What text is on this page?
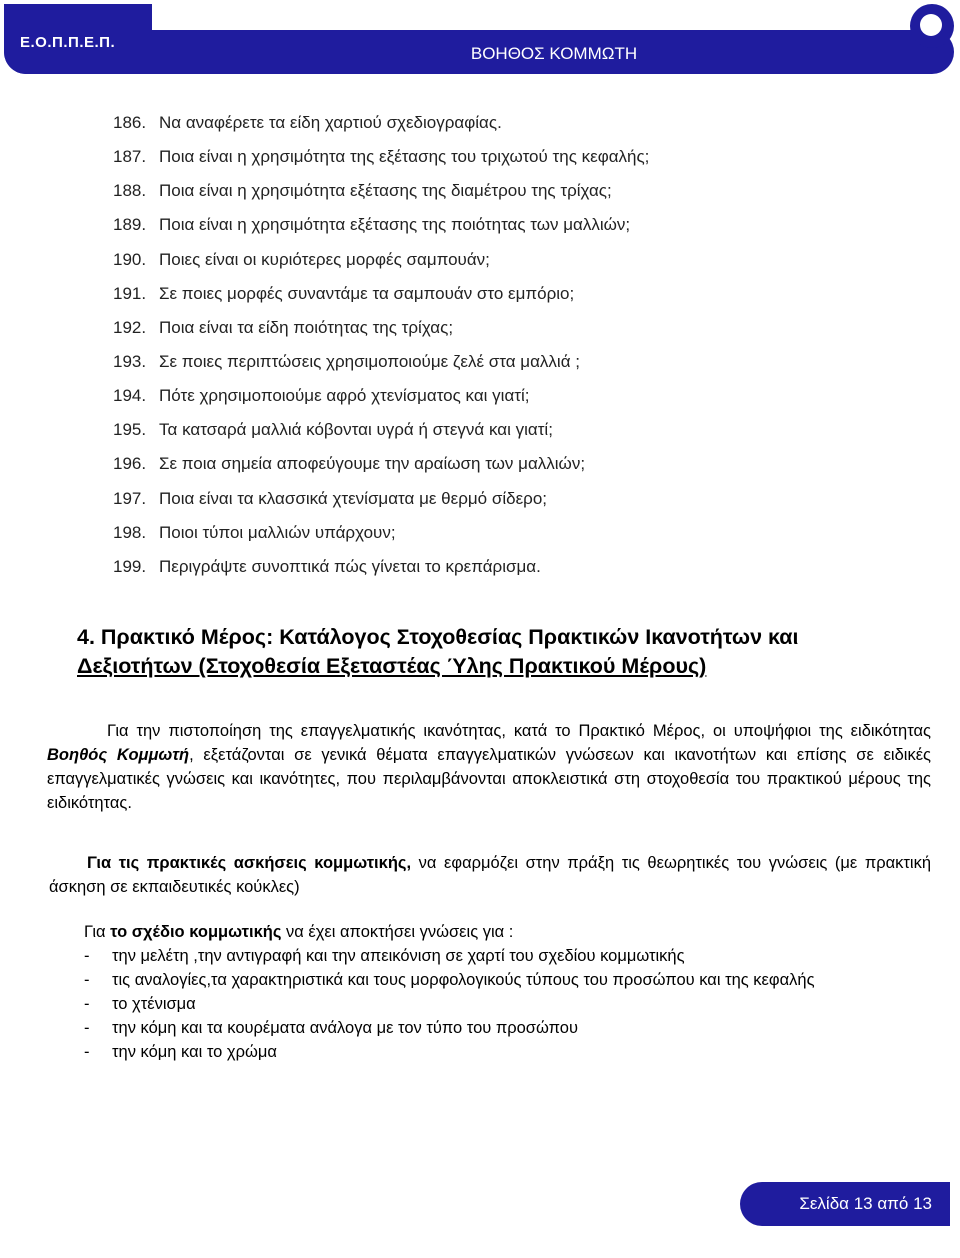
Ε.Ο.Π.Π.Ε.Π.
ΒΟΗΘΟΣ ΚΟΜΜΩΤΗ
186. Να αναφέρετε τα είδη χαρτιού σχεδιογραφίας.
187. Ποια είναι η χρησιμότητα της εξέτασης του τριχωτού της κεφαλής;
188. Ποια είναι η χρησιμότητα εξέτασης της διαμέτρου της τρίχας;
189. Ποια είναι η χρησιμότητα εξέτασης της ποιότητας των μαλλιών;
190. Ποιες είναι οι κυριότερες μορφές σαμπουάν;
191. Σε ποιες μορφές συναντάμε τα σαμπουάν στο εμπόριο;
192. Ποια είναι τα είδη ποιότητας της τρίχας;
193. Σε ποιες περιπτώσεις χρησιμοποιούμε ζελέ στα μαλλιά ;
194. Πότε χρησιμοποιούμε αφρό χτενίσματος και γιατί;
195. Τα κατσαρά μαλλιά κόβονται υγρά ή στεγνά και γιατί;
196. Σε ποια σημεία αποφεύγουμε την αραίωση των μαλλιών;
197. Ποια είναι τα κλασσικά χτενίσματα με θερμό σίδερο;
198. Ποιοι τύποι μαλλιών υπάρχουν;
199. Περιγράψτε συνοπτικά πώς γίνεται το κρεπάρισμα.
4. Πρακτικό Μέρος: Κατάλογος Στοχοθεσίας Πρακτικών Ικανοτήτων και
Δεξιοτήτων (Στοχοθεσία Εξεταστέας Ύλης Πρακτικού Μέρους)
Για την πιστοποίηση της επαγγελματικής ικανότητας, κατά το Πρακτικό Μέρος, οι υποψήφιοι της ειδικότητας Βοηθός Κομμωτή, εξετάζονται σε γενικά θέματα επαγγελματικών γνώσεων και ικανοτήτων και επίσης σε ειδικές επαγγελματικές γνώσεις και ικανότητες, που περιλαμβάνονται αποκλειστικά στη στοχοθεσία του πρακτικού μέρους της ειδικότητας.
Για τις πρακτικές ασκήσεις κομμωτικής, να εφαρμόζει στην πράξη τις θεωρητικές του γνώσεις (με πρακτική άσκηση σε εκπαιδευτικές κούκλες)
Για το σχέδιο κομμωτικής να έχει αποκτήσει γνώσεις για :
- την μελέτη ,την αντιγραφή και την απεικόνιση σε χαρτί του σχεδίου κομμωτικής
- τις αναλογίες,τα χαρακτηριστικά και τους μορφολογικούς τύπους του προσώπου και της κεφαλής
- το χτένισμα
- την κόμη και τα κουρέματα ανάλογα με τον τύπο του προσώπου
- την κόμη και το χρώμα
Σελίδα 13 από 13
